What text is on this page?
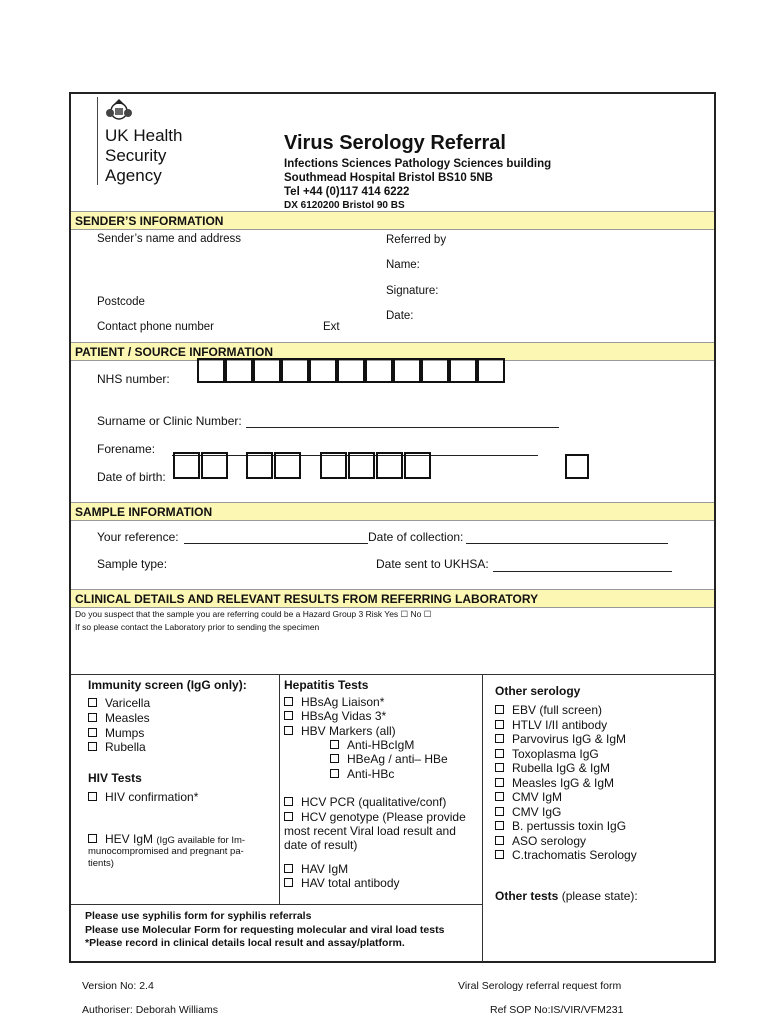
UK Health
Security
Agency
Virus Serology Referral
Infections Sciences Pathology Sciences building
Southmead Hospital Bristol BS10 5NB
Tel +44 (0)117 414 6222
DX 6120200 Bristol 90 BS
SENDER’S INFORMATION
Sender’s name and address
Postcode
Contact phone number	Ext
Referred by
Name:
Signature:
Date:
PATIENT / SOURCE INFORMATION
NHS number:
Surname or Clinic Number:
Forename:
Date of birth:
SAMPLE INFORMATION
Your reference:	Date of collection:
Sample type:	Date sent to UKHSA:
CLINICAL DETAILS AND RELEVANT RESULTS FROM REFERRING LABORATORY
Do you suspect that the sample you are referring could be a Hazard Group 3 Risk Yes ☐ No ☐
If so please contact the Laboratory prior to sending the specimen
Immunity screen (IgG only):
Varicella
Measles
Mumps
Rubella
HIV Tests
HIV confirmation*
HEV IgM (IgG available for Im-
munocompromised and pregnant pa-
tients)
Hepatitis Tests
HBsAg Liaison*
HBsAg Vidas 3*
HBV Markers (all)
Anti-HBcIgM
HBeAg / anti– HBe
Anti-HBc
HCV PCR (qualitative/conf)
HCV genotype (Please provide
most recent Viral load result and
date of result)
HAV IgM
HAV total antibody
Other serology
EBV (full screen)
HTLV I/II antibody
Parvovirus IgG & IgM
Toxoplasma IgG
Rubella IgG & IgM
Measles IgG & IgM
CMV IgM
CMV IgG
B. pertussis toxin IgG
ASO serology
C.trachomatis Serology
Other tests (please state):
Please use syphilis form for syphilis referrals
Please use Molecular Form for requesting molecular and viral load tests
*Please record in clinical details local result and assay/platform.
Version No: 2.4	Viral Serology referral request form
Authoriser: Deborah Williams	Ref SOP No:IS/VIR/VFM231
